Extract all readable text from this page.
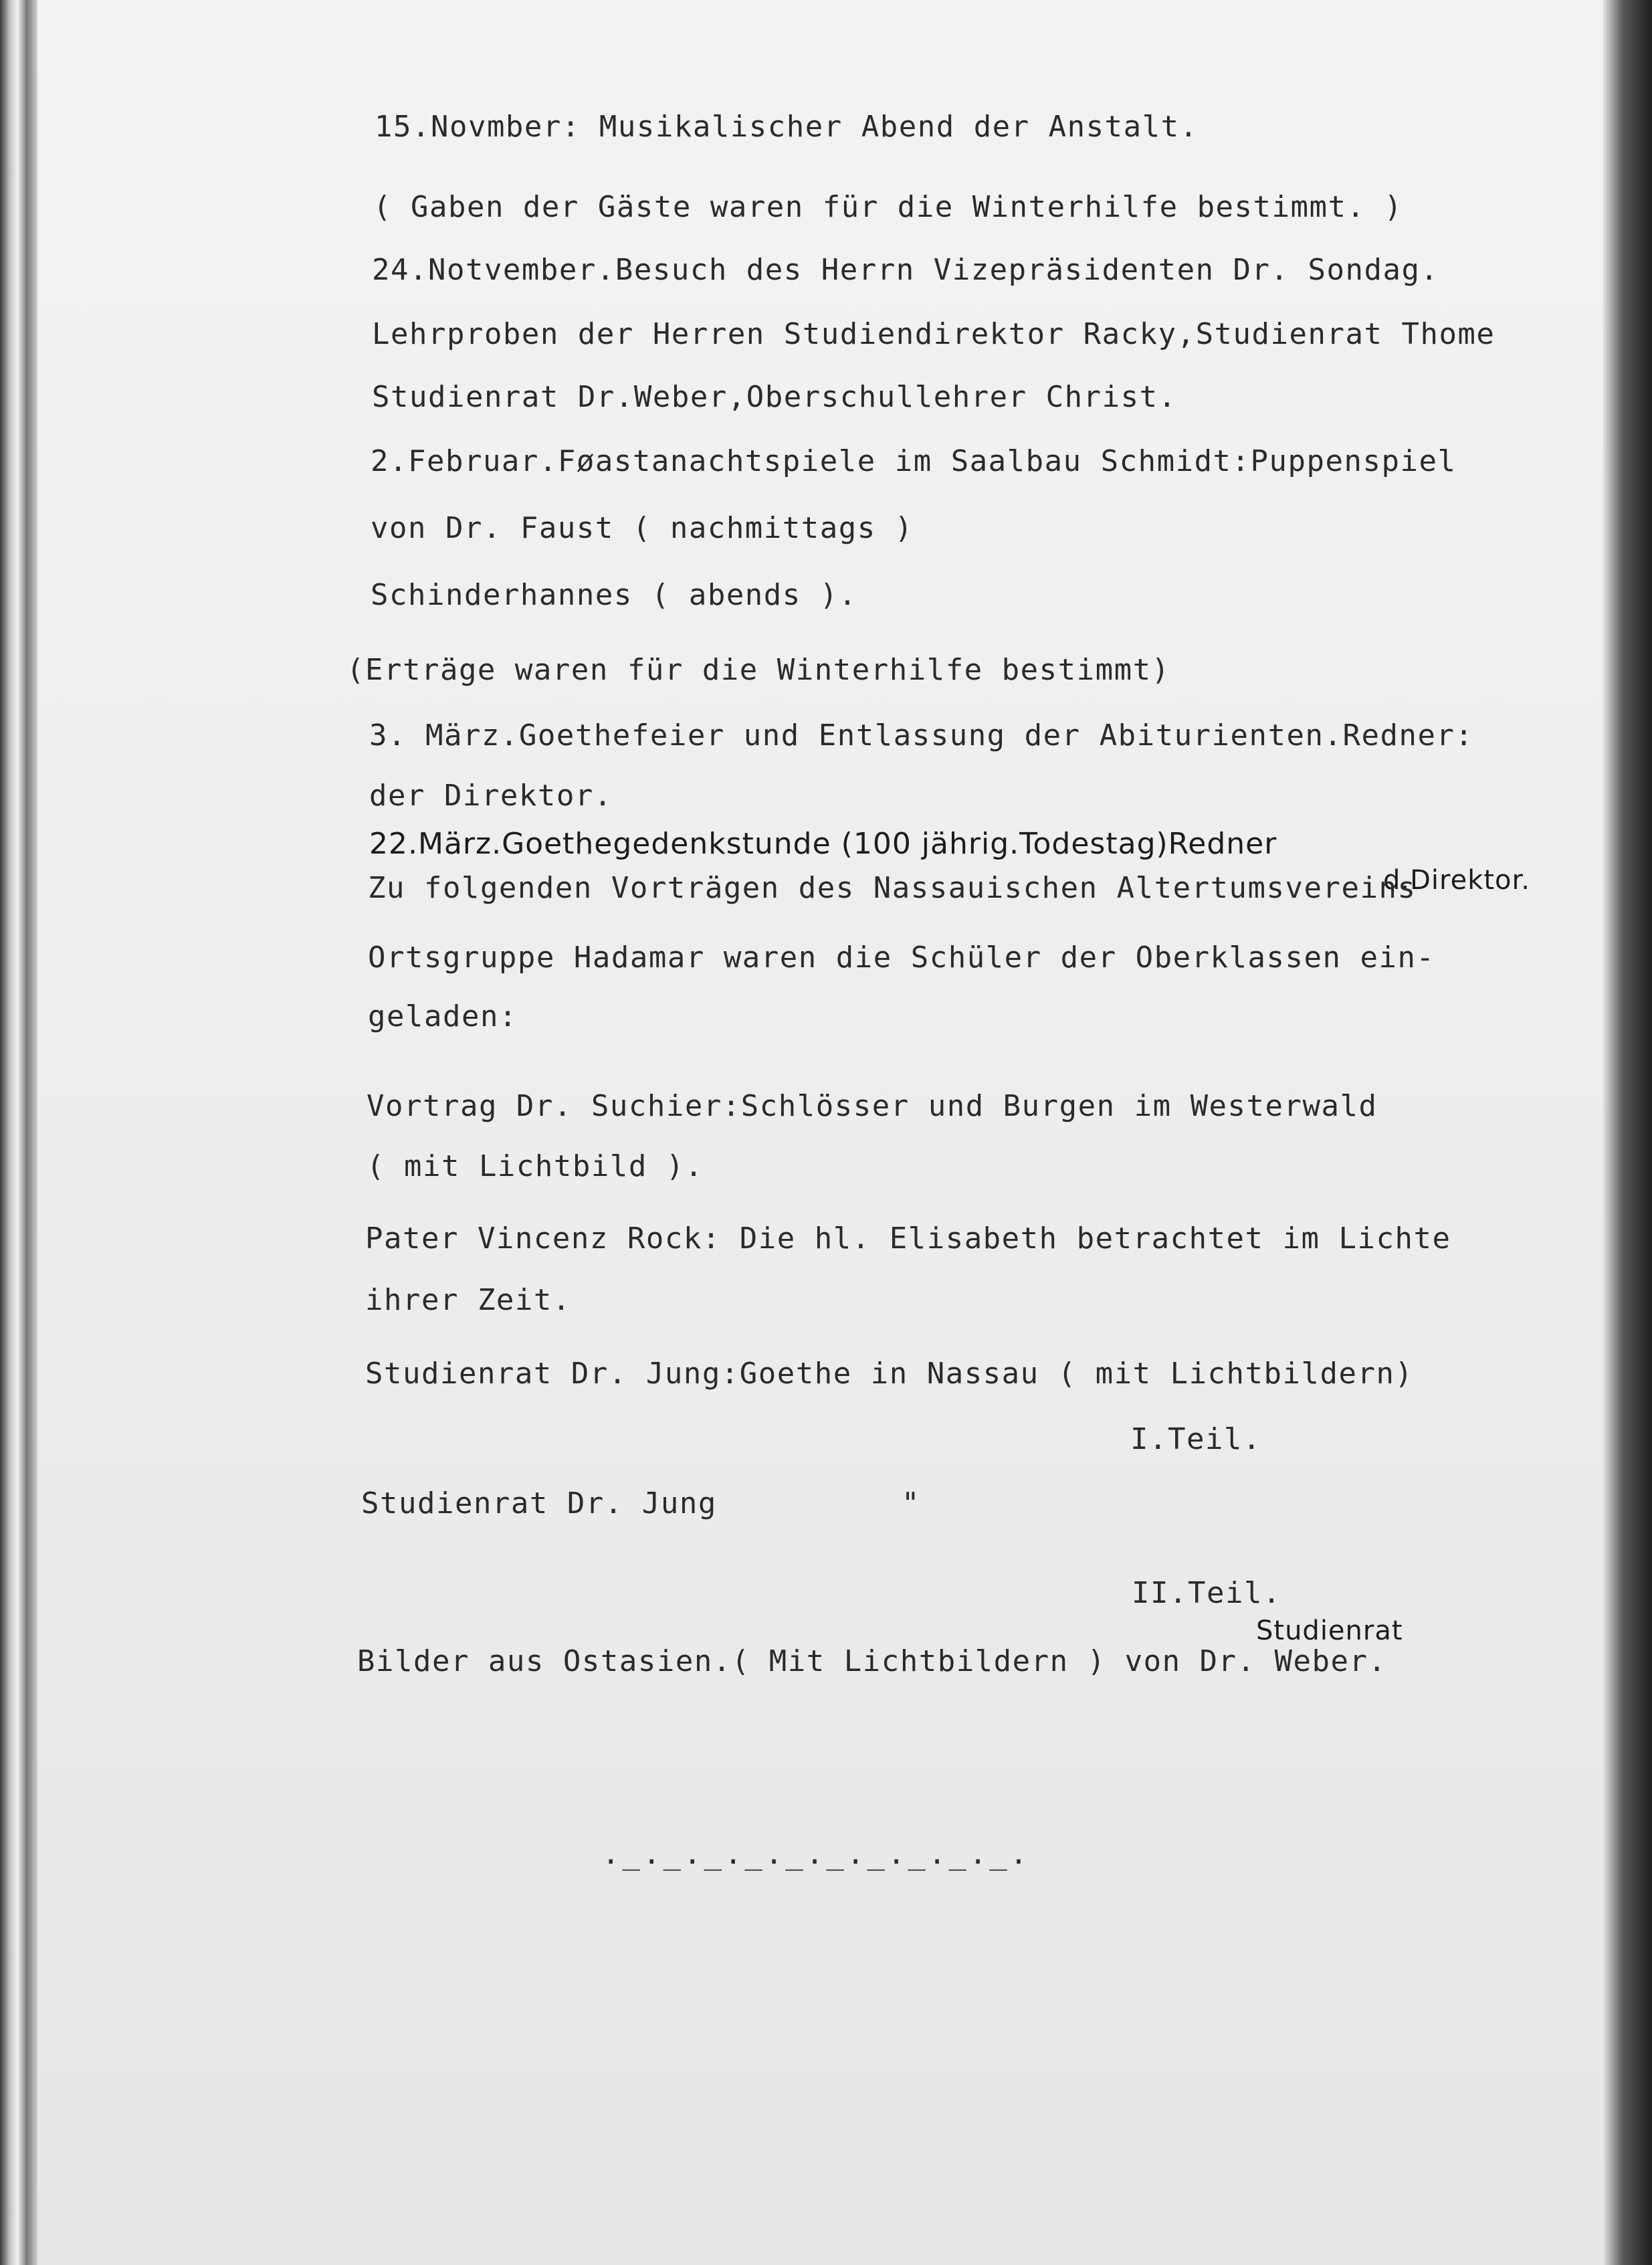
15.Novmber: Musikalischer Abend der Anstalt.
( Gaben der Gäste waren für die Winterhilfe bestimmt. )
24.Notvember.Besuch des Herrn Vizepräsidenten Dr. Sondag.
Lehrproben der Herren Studiendirektor Racky,Studienrat Thome
Studienrat Dr.Weber,Oberschullehrer Christ.
2.Februar.Føastanachtspiele im Saalbau Schmidt:Puppenspiel
von Dr. Faust ( nachmittags )
Schinderhannes ( abends ).
(Erträge waren für die Winterhilfe bestimmt)
3. März.Goethefeier und Entlassung der Abiturienten.Redner:
der Direktor.
22.März.Goethegedenkstunde (100 jährig.Todestag)Redner
d.Direktor.
Zu folgenden Vorträgen des Nassauischen Altertumsvereins
Ortsgruppe Hadamar waren die Schüler der Oberklassen ein-
geladen:
Vortrag Dr. Suchier:Schlösser und Burgen im Westerwald
( mit Lichtbild ).
Pater Vincenz Rock: Die hl. Elisabeth betrachtet im Lichte
ihrer Zeit.
Studienrat Dr. Jung:Goethe in Nassau ( mit Lichtbildern)
I.Teil.
Studienrat Dr. Jung	"
II.Teil.
Studienrat
Bilder aus Ostasien.( Mit Lichtbildern ) von Dr. Weber.
._._._._._._._._._._.
